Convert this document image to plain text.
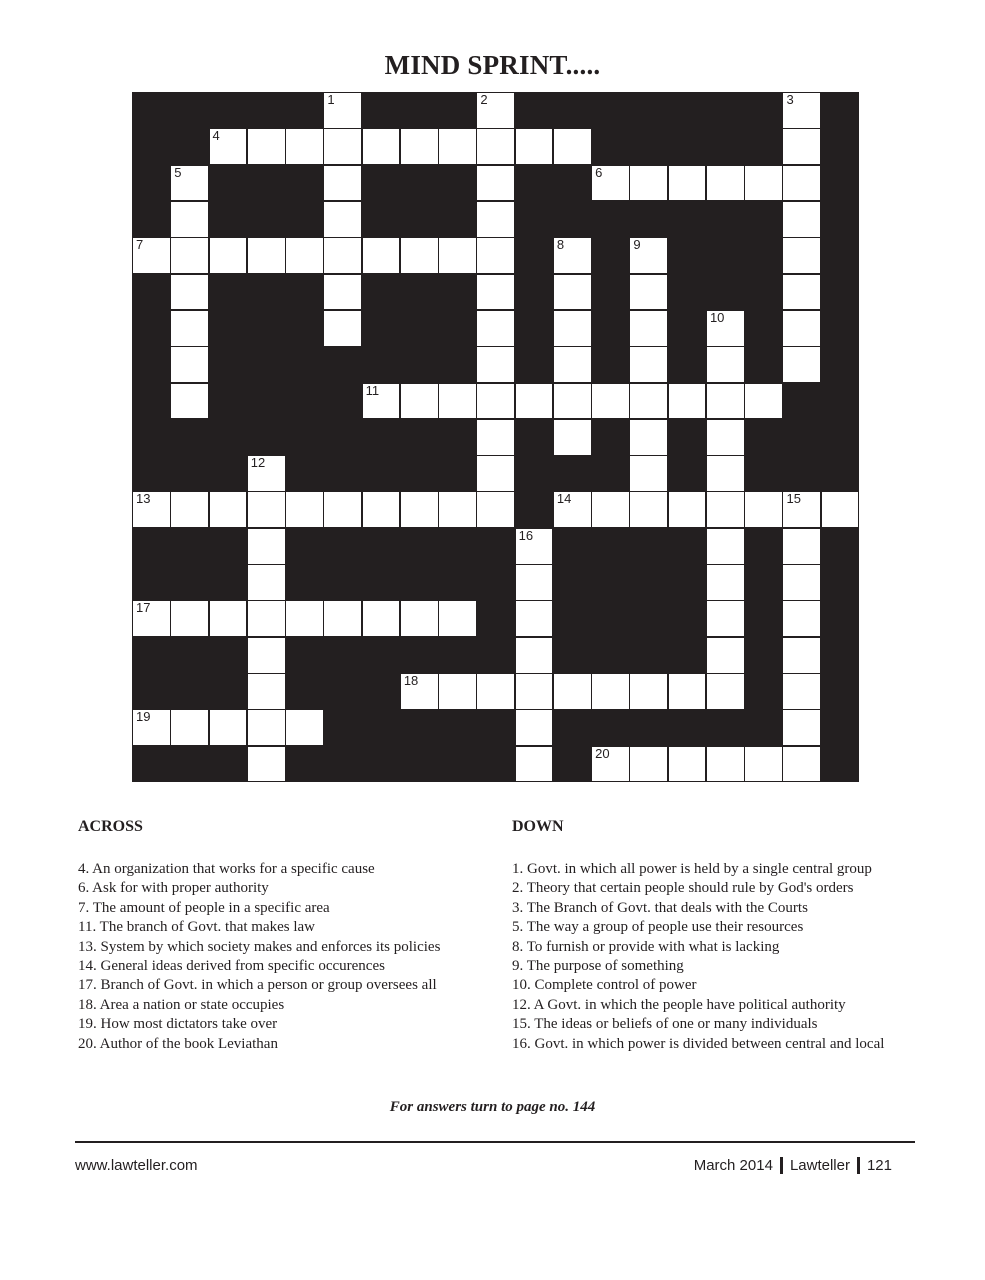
MIND SPRINT.....
1	2	3
4
5	6
7	8	9
10
11
12
13	14	15
16
17
18
19
20
ACROSS	DOWN
4. An organization that works for a specific cause
6. Ask for with proper authority
7. The amount of people in a specific area
11. The branch of Govt. that makes law
13. System by which society makes and enforces its policies
14. General ideas derived from specific occurences
17. Branch of Govt. in which a person or group oversees all
18. Area a nation or state occupies
19. How most dictators take over
20. Author of the book Leviathan
1. Govt. in which all power is held by a single central group
2. Theory that certain people should rule by God's orders
3. The Branch of Govt. that deals with the Courts
5. The way a group of people use their resources
8. To furnish or provide with what is lacking
9. The purpose of something
10. Complete control of power
12. A Govt. in which the people have political authority
15. The ideas or beliefs of one or many individuals
16. Govt. in which power is divided between central and local
For answers turn to page no. 144
www.lawteller.com	March 2014 Lawteller 121
